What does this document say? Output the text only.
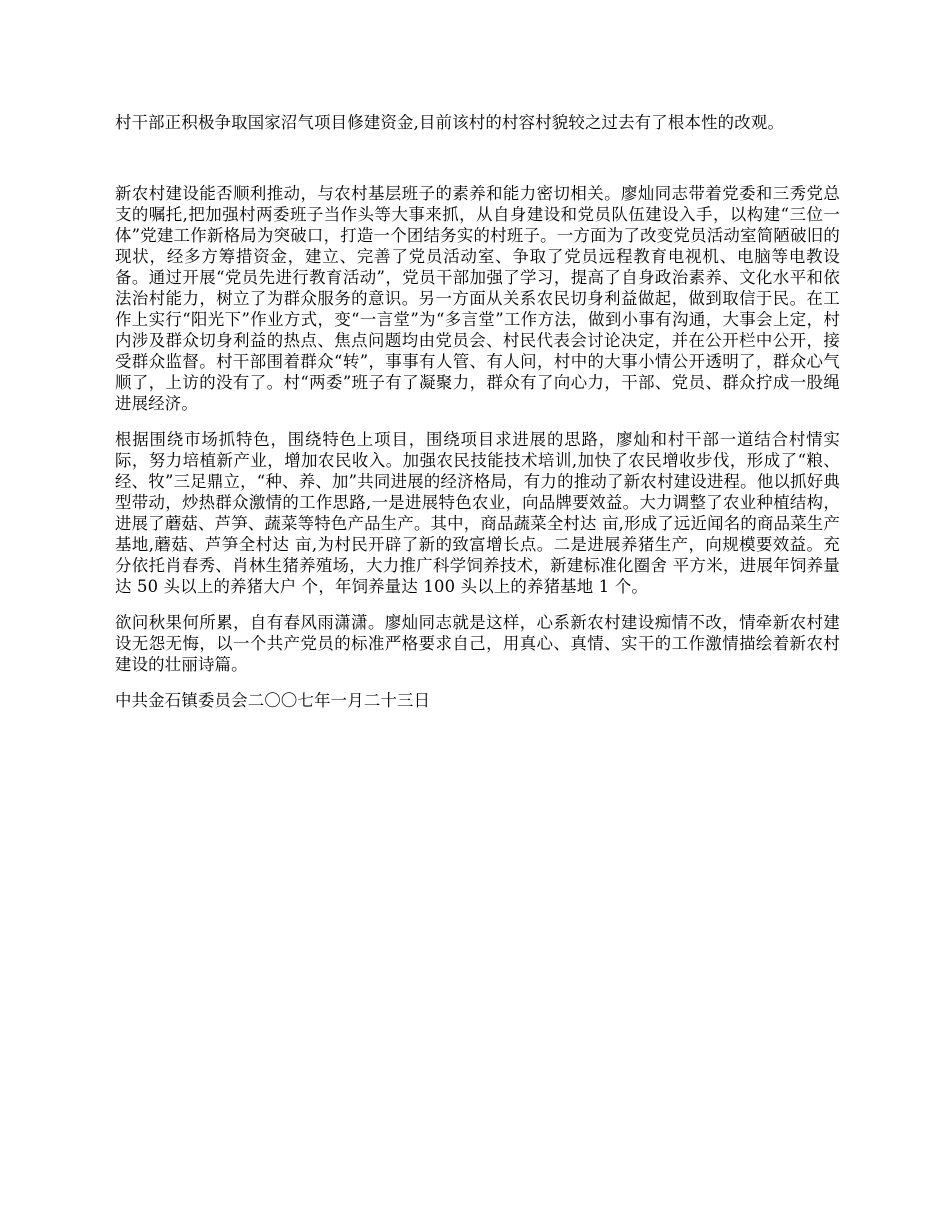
村干部正积极争取国家沼气项目修建资金,目前该村的村容村貌较之过去有了根本性的改观。

新农村建设能否顺利推动，与农村基层班子的素养和能力密切相关。廖灿同志带着党委和三秀党总支的嘱托,把加强村两委班子当作头等大事来抓，从自身建设和党员队伍建设入手，以构建“三位一体”党建工作新格局为突破口，打造一个团结务实的村班子。一方面为了改变党员活动室简陋破旧的现状，经多方筹措资金，建立、完善了党员活动室、争取了党员远程教育电视机、电脑等电教设备。通过开展“党员先进行教育活动”，党员干部加强了学习，提高了自身政治素养、文化水平和依法治村能力，树立了为群众服务的意识。另一方面从关系农民切身利益做起，做到取信于民。在工作上实行“阳光下”作业方式，变“一言堂”为“多言堂”工作方法，做到小事有沟通，大事会上定，村内涉及群众切身利益的热点、焦点问题均由党员会、村民代表会讨论决定，并在公开栏中公开，接受群众监督。村干部围着群众“转”，事事有人管、有人问，村中的大事小情公开透明了，群众心气顺了，上访的没有了。村“两委”班子有了凝聚力，群众有了向心力，干部、党员、群众拧成一股绳进展经济。

根据围绕市场抓特色，围绕特色上项目，围绕项目求进展的思路，廖灿和村干部一道结合村情实际，努力培植新产业，增加农民收入。加强农民技能技术培训,加快了农民增收步伐，形成了“粮、经、牧”三足鼎立，“种、养、加”共同进展的经济格局，有力的推动了新农村建设进程。他以抓好典型带动，炒热群众激情的工作思路,一是进展特色农业，向品牌要效益。大力调整了农业种植结构，进展了蘑菇、芦笋、蔬菜等特色产品生产。其中，商品蔬菜全村达 亩,形成了远近闻名的商品菜生产基地,蘑菇、芦笋全村达 亩,为村民开辟了新的致富增长点。二是进展养猪生产，向规模要效益。充分依托肖春秀、肖林生猪养殖场，大力推广科学饲养技术，新建标准化圈舍 平方米，进展年饲养量达 50 头以上的养猪大户 个，年饲养量达 100 头以上的养猪基地 1 个。

欲问秋果何所累，自有春风雨潇潇。廖灿同志就是这样，心系新农村建设痴情不改，情牵新农村建设无怨无悔，以一个共产党员的标准严格要求自己，用真心、真情、实干的工作激情描绘着新农村建设的壮丽诗篇。

中共金石镇委员会二〇〇七年一月二十三日
